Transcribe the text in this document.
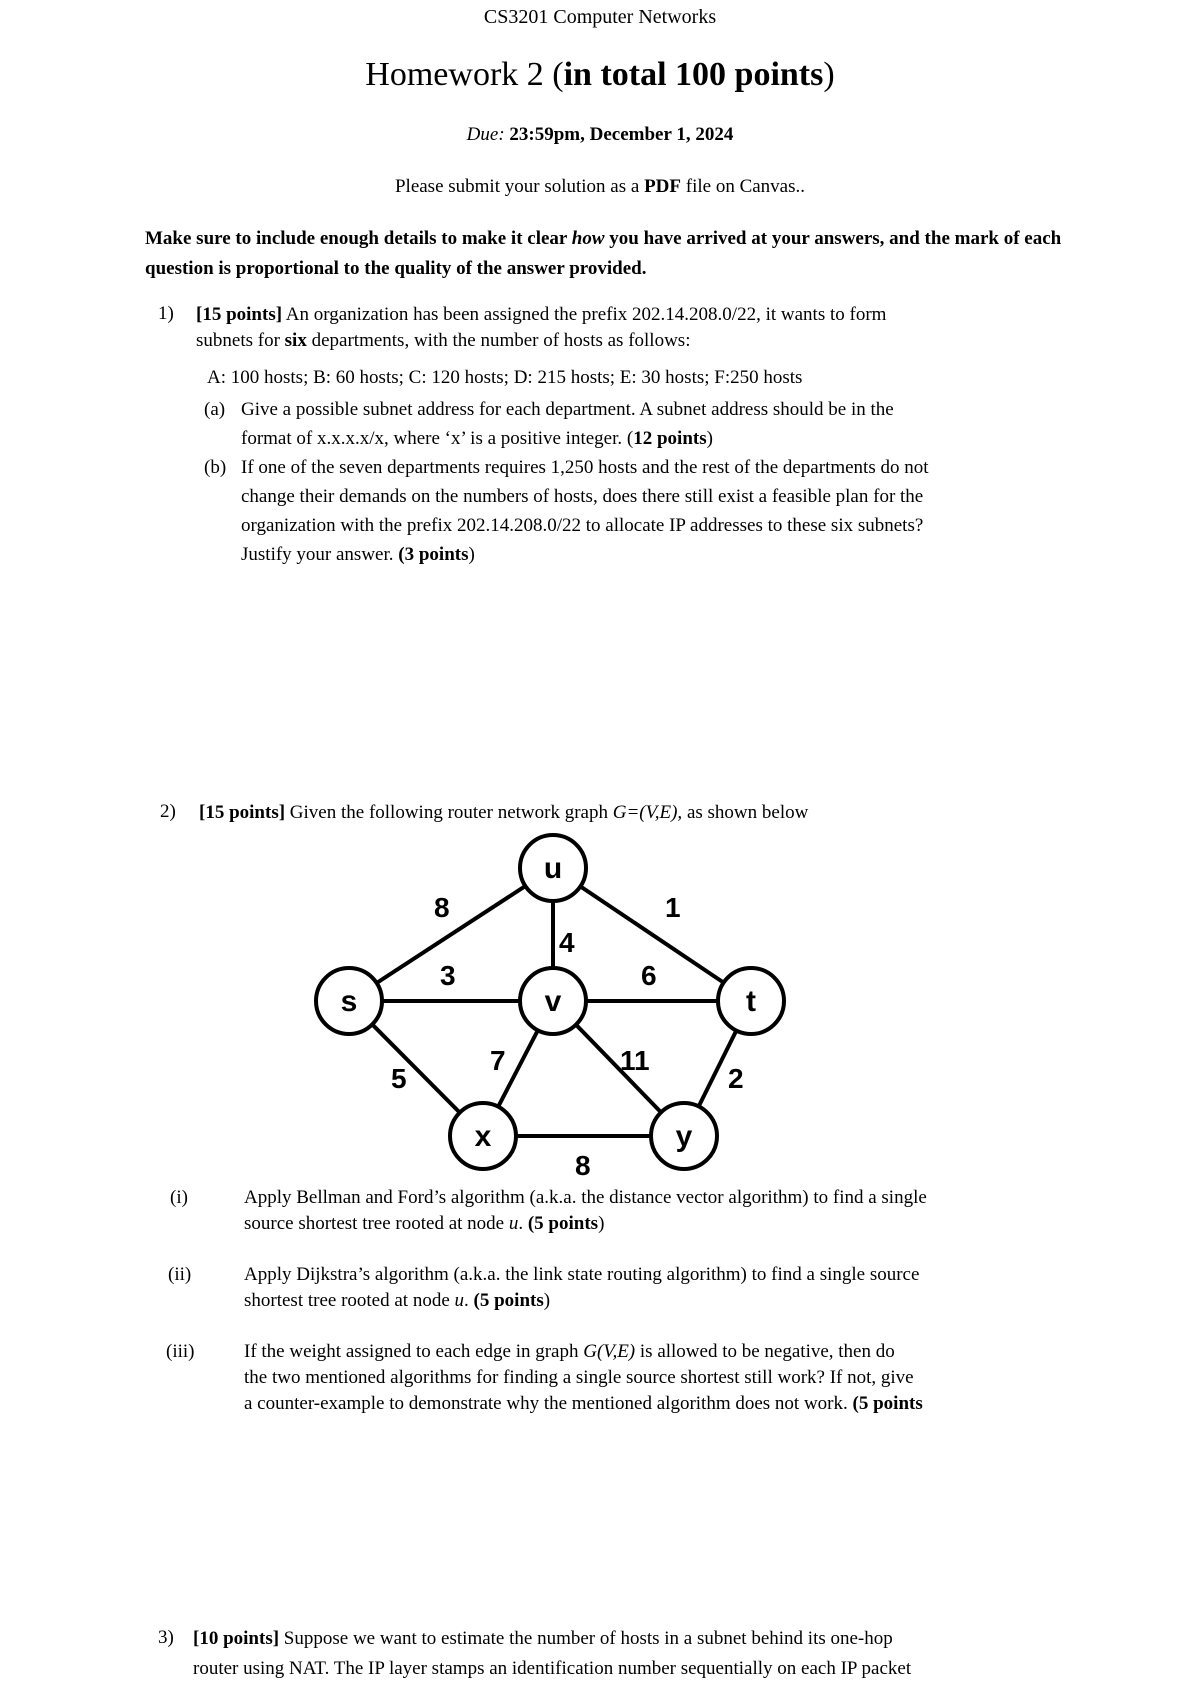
CS3201 Computer Networks
Homework 2 (in total 100 points)
Due: 23:59pm, December 1, 2024
Please submit your solution as a PDF file on Canvas..
Make sure to include enough details to make it clear how you have arrived at your answers, and the mark of each question is proportional to the quality of the answer provided.
1) [15 points] An organization has been assigned the prefix 202.14.208.0/22, it wants to form
subnets for six departments, with the number of hosts as follows:
A: 100 hosts; B: 60 hosts; C: 120 hosts; D: 215 hosts; E: 30 hosts; F:250 hosts
(a) Give a possible subnet address for each department. A subnet address should be in the
format of x.x.x.x/x, where ‘x’ is a positive integer. (12 points)
(b) If one of the seven departments requires 1,250 hosts and the rest of the departments do not
change their demands on the numbers of hosts, does there still exist a feasible plan for the
organization with the prefix 202.14.208.0/22 to allocate IP addresses to these six subnets?
Justify your answer. (3 points)
2) [15 points] Given the following router network graph G=(V,E), as shown below
8	1
4
3	6
5
7	11
2
8
u
s	v	t
x	y
(i)	Apply Bellman and Ford’s algorithm (a.k.a. the distance vector algorithm) to find a single
source shortest tree rooted at node u. (5 points)
(ii)	Apply Dijkstra’s algorithm (a.k.a. the link state routing algorithm) to find a single source
shortest tree rooted at node u. (5 points)
(iii)	If the weight assigned to each edge in graph G(V,E) is allowed to be negative, then do
the two mentioned algorithms for finding a single source shortest still work? If not, give
a counter-example to demonstrate why the mentioned algorithm does not work. (5 points
3) [10 points] Suppose we want to estimate the number of hosts in a subnet behind its one-hop
router using NAT. The IP layer stamps an identification number sequentially on each IP packet
